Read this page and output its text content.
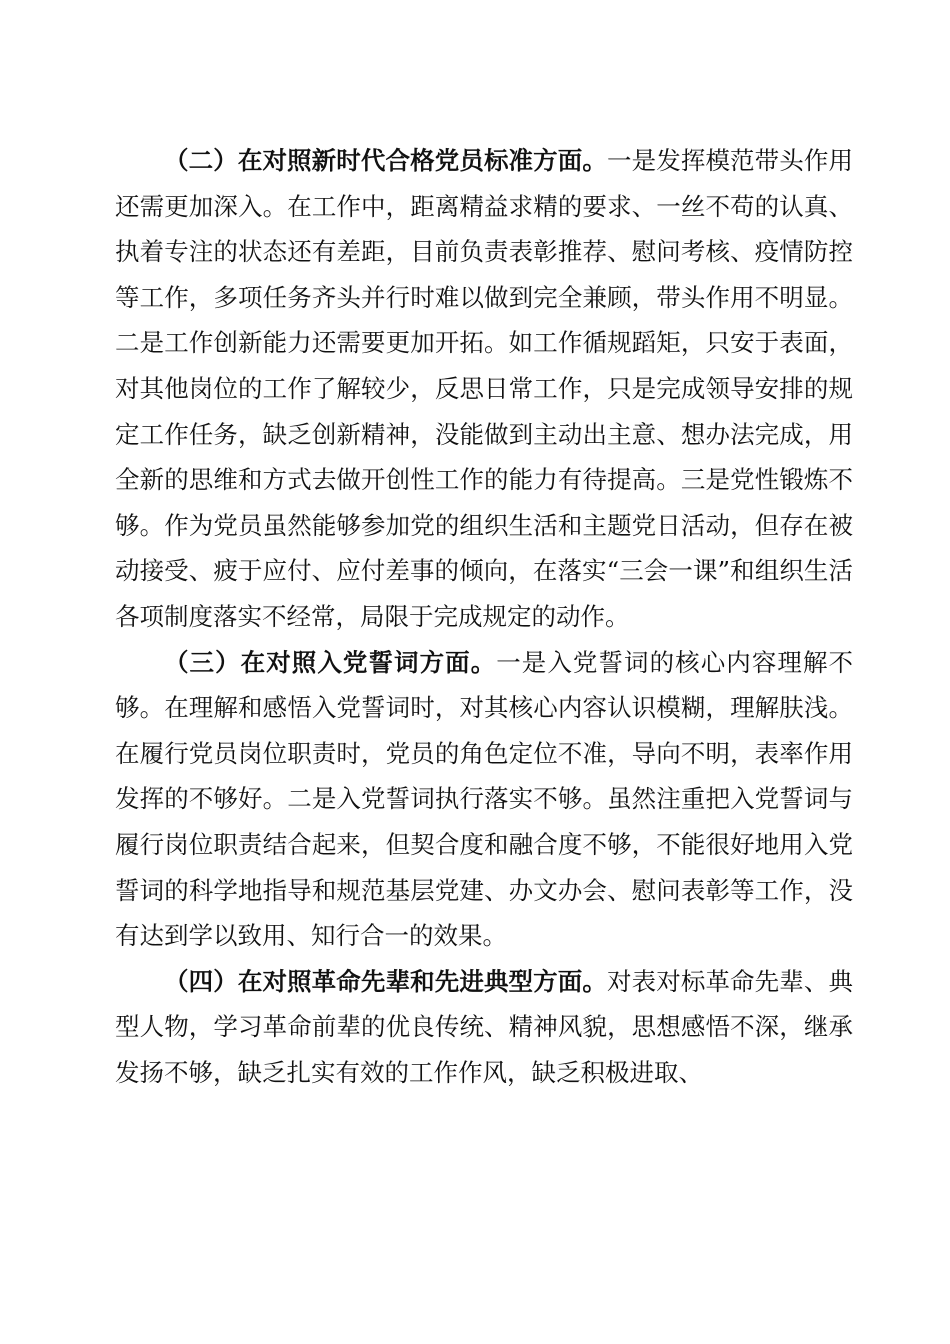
（二）在对照新时代合格党员标准方面。一是发挥模范带头作用还需更加深入。在工作中，距离精益求精的要求、一丝不苟的认真、执着专注的状态还有差距，目前负责表彰推荐、慰问考核、疫情防控等工作，多项任务齐头并行时难以做到完全兼顾，带头作用不明显。二是工作创新能力还需要更加开拓。如工作循规蹈矩，只安于表面，对其他岗位的工作了解较少，反思日常工作，只是完成领导安排的规定工作任务，缺乏创新精神，没能做到主动出主意、想办法完成，用全新的思维和方式去做开创性工作的能力有待提高。三是党性锻炼不够。作为党员虽然能够参加党的组织生活和主题党日活动，但存在被动接受、疲于应付、应付差事的倾向，在落实“三会一课”和组织生活各项制度落实不经常，局限于完成规定的动作。

（三）在对照入党誓词方面。一是入党誓词的核心内容理解不够。在理解和感悟入党誓词时，对其核心内容认识模糊，理解肤浅。在履行党员岗位职责时，党员的角色定位不准，导向不明，表率作用发挥的不够好。二是入党誓词执行落实不够。虽然注重把入党誓词与履行岗位职责结合起来，但契合度和融合度不够，不能很好地用入党誓词的科学地指导和规范基层党建、办文办会、慰问表彰等工作，没有达到学以致用、知行合一的效果。

（四）在对照革命先辈和先进典型方面。对表对标革命先辈、典型人物，学习革命前辈的优良传统、精神风貌，思想感悟不深，继承发扬不够，缺乏扎实有效的工作作风，缺乏积极进取、
